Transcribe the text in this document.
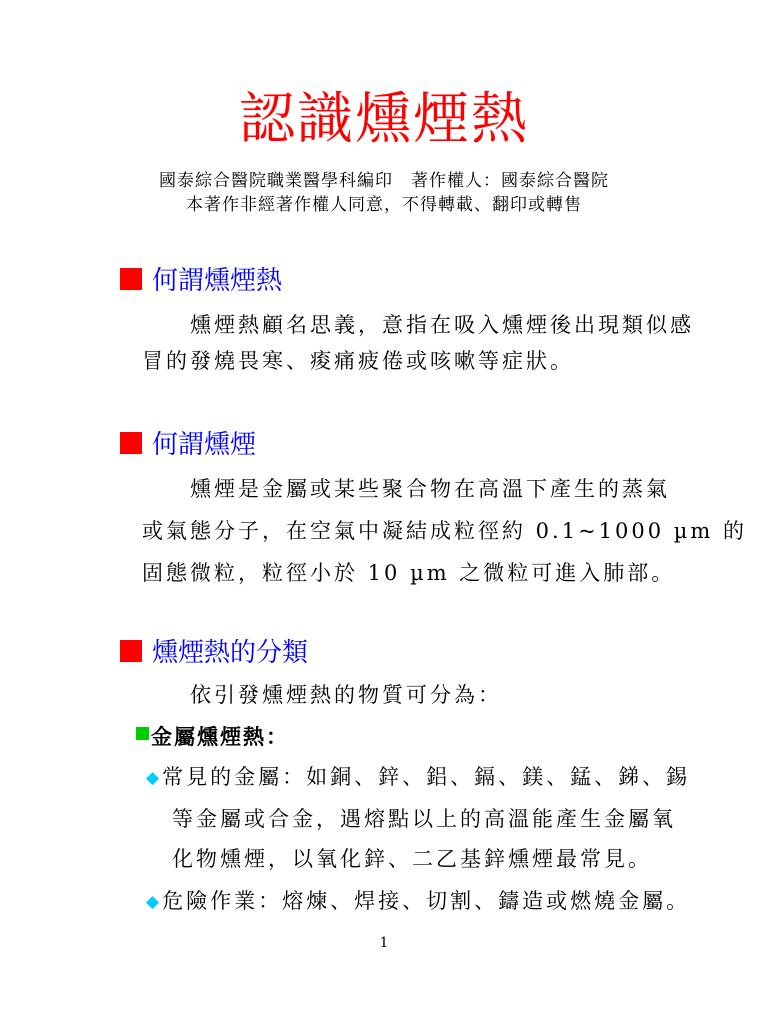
認識燻煙熱
國泰綜合醫院職業醫學科編印　著作權人：國泰綜合醫院
本著作非經著作權人同意，不得轉載、翻印或轉售
何謂燻煙熱
燻煙熱顧名思義，意指在吸入燻煙後出現類似感
冒的發燒畏寒、痠痛疲倦或咳嗽等症狀。
何謂燻煙
燻煙是金屬或某些聚合物在高溫下產生的蒸氣
或氣態分子，在空氣中凝結成粒徑約 0.1~1000 µm 的
固態微粒，粒徑小於 10 µm 之微粒可進入肺部。
燻煙熱的分類
依引發燻煙熱的物質可分為：
金屬燻煙熱：
◆ 常見的金屬：如銅、鋅、鋁、鎘、鎂、錳、銻、錫
等金屬或合金，遇熔點以上的高溫能產生金屬氧
化物燻煙，以氧化鋅、二乙基鋅燻煙最常見。
◆ 危險作業：熔煉、焊接、切割、鑄造或燃燒金屬。
1
